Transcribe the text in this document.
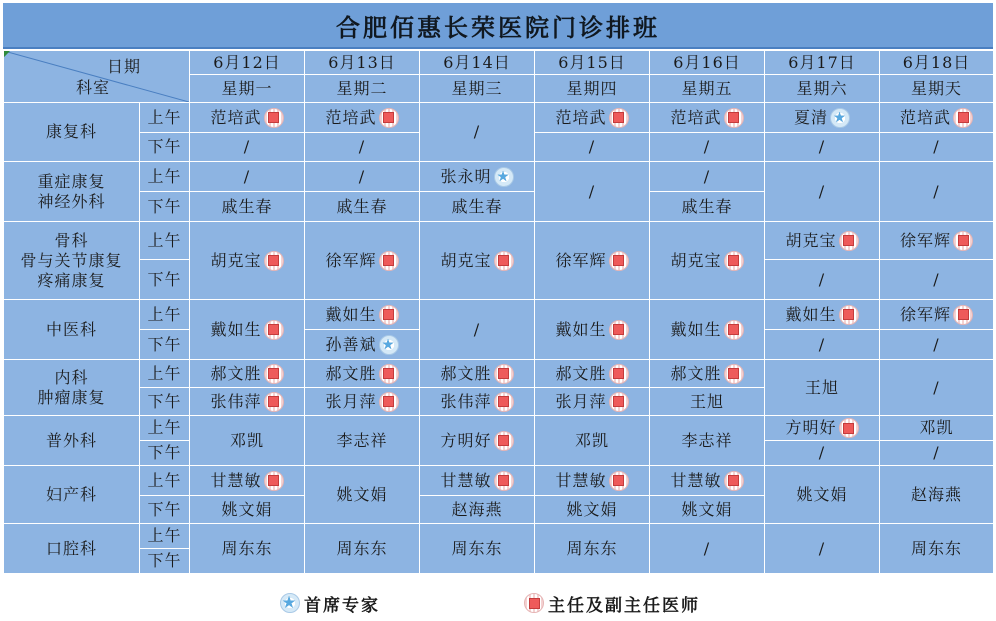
合肥佰惠长荣医院门诊排班
日期
科室		6月12日	6月13日	6月14日	6月15日	6月16日	6月17日	6月18日
		星期一	星期二	星期三	星期四	星期五	星期六	星期天
康复科	上午	范培武	范培武	/	范培武	范培武	夏清 ★	范培武

	下午	/	/		/	/	/	/

重症康复
神经外科	上午	/	/	张永明 ★	/	/	/	/
	下午	戚生春	戚生春	戚生春		戚生春		

骨科
骨与关节康复
疼痛康复	上午	胡克宝	徐军辉	胡克宝	徐军辉	胡克宝	胡克宝	徐军辉

	下午						/	/
中医科	上午	戴如生	戴如生	/	戴如生	戴如生	戴如生	徐军辉

	下午		孙善斌 ★				/	/

内科
肿瘤康复	上午	郝文胜	郝文胜	郝文胜	郝文胜	郝文胜	王旭	/
	下午	张伟萍	张月萍	张伟萍	张月萍	王旭		
普外科	上午	邓凯	李志祥	方明好	邓凯	李志祥	方明好	邓凯
	下午						/	/
妇产科	上午	甘慧敏	姚文娟	甘慧敏	甘慧敏	甘慧敏	姚文娟	赵海燕
	下午	姚文娟		赵海燕	姚文娟	姚文娟		
口腔科	上午	周东东	周东东	周东东	周东东	/	/	周东东
	下午							
★ 首席专家	主任及副主任医师
